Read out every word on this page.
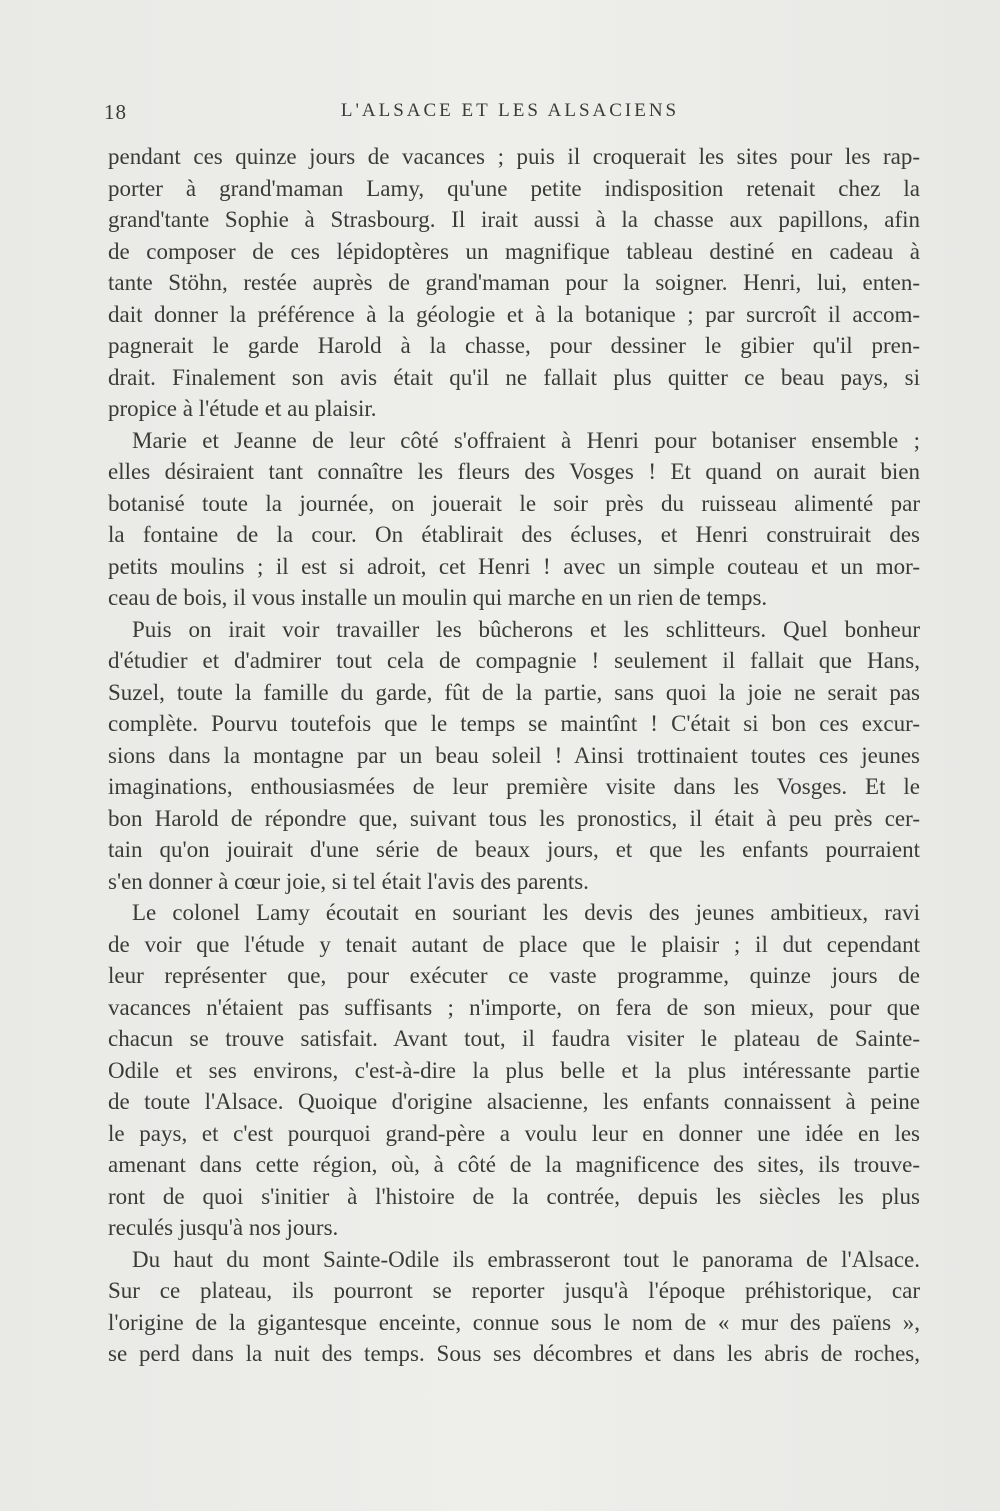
18	L'ALSACE ET LES ALSACIENS
pendant ces quinze jours de vacances ; puis il croquerait les sites pour les rap-
porter à grand'maman Lamy, qu'une petite indisposition retenait chez la
grand'tante Sophie à Strasbourg. Il irait aussi à la chasse aux papillons, afin
de composer de ces lépidoptères un magnifique tableau destiné en cadeau à
tante Stöhn, restée auprès de grand'maman pour la soigner. Henri, lui, enten-
dait donner la préférence à la géologie et à la botanique ; par surcroît il accom-
pagnerait le garde Harold à la chasse, pour dessiner le gibier qu'il pren-
drait. Finalement son avis était qu'il ne fallait plus quitter ce beau pays, si
propice à l'étude et au plaisir.
Marie et Jeanne de leur côté s'offraient à Henri pour botaniser ensemble ;
elles désiraient tant connaître les fleurs des Vosges ! Et quand on aurait bien
botanisé toute la journée, on jouerait le soir près du ruisseau alimenté par
la fontaine de la cour. On établirait des écluses, et Henri construirait des
petits moulins ; il est si adroit, cet Henri ! avec un simple couteau et un mor-
ceau de bois, il vous installe un moulin qui marche en un rien de temps.
Puis on irait voir travailler les bûcherons et les schlitteurs. Quel bonheur
d'étudier et d'admirer tout cela de compagnie ! seulement il fallait que Hans,
Suzel, toute la famille du garde, fût de la partie, sans quoi la joie ne serait pas
complète. Pourvu toutefois que le temps se maintînt ! C'était si bon ces excur-
sions dans la montagne par un beau soleil ! Ainsi trottinaient toutes ces jeunes
imaginations, enthousiasmées de leur première visite dans les Vosges. Et le
bon Harold de répondre que, suivant tous les pronostics, il était à peu près cer-
tain qu'on jouirait d'une série de beaux jours, et que les enfants pourraient
s'en donner à cœur joie, si tel était l'avis des parents.
Le colonel Lamy écoutait en souriant les devis des jeunes ambitieux, ravi
de voir que l'étude y tenait autant de place que le plaisir ; il dut cependant
leur représenter que, pour exécuter ce vaste programme, quinze jours de
vacances n'étaient pas suffisants ; n'importe, on fera de son mieux, pour que
chacun se trouve satisfait. Avant tout, il faudra visiter le plateau de Sainte-
Odile et ses environs, c'est-à-dire la plus belle et la plus intéressante partie
de toute l'Alsace. Quoique d'origine alsacienne, les enfants connaissent à peine
le pays, et c'est pourquoi grand-père a voulu leur en donner une idée en les
amenant dans cette région, où, à côté de la magnificence des sites, ils trouve-
ront de quoi s'initier à l'histoire de la contrée, depuis les siècles les plus
reculés jusqu'à nos jours.
Du haut du mont Sainte-Odile ils embrasseront tout le panorama de l'Alsace.
Sur ce plateau, ils pourront se reporter jusqu'à l'époque préhistorique, car
l'origine de la gigantesque enceinte, connue sous le nom de « mur des païens »,
se perd dans la nuit des temps. Sous ses décombres et dans les abris de roches,
